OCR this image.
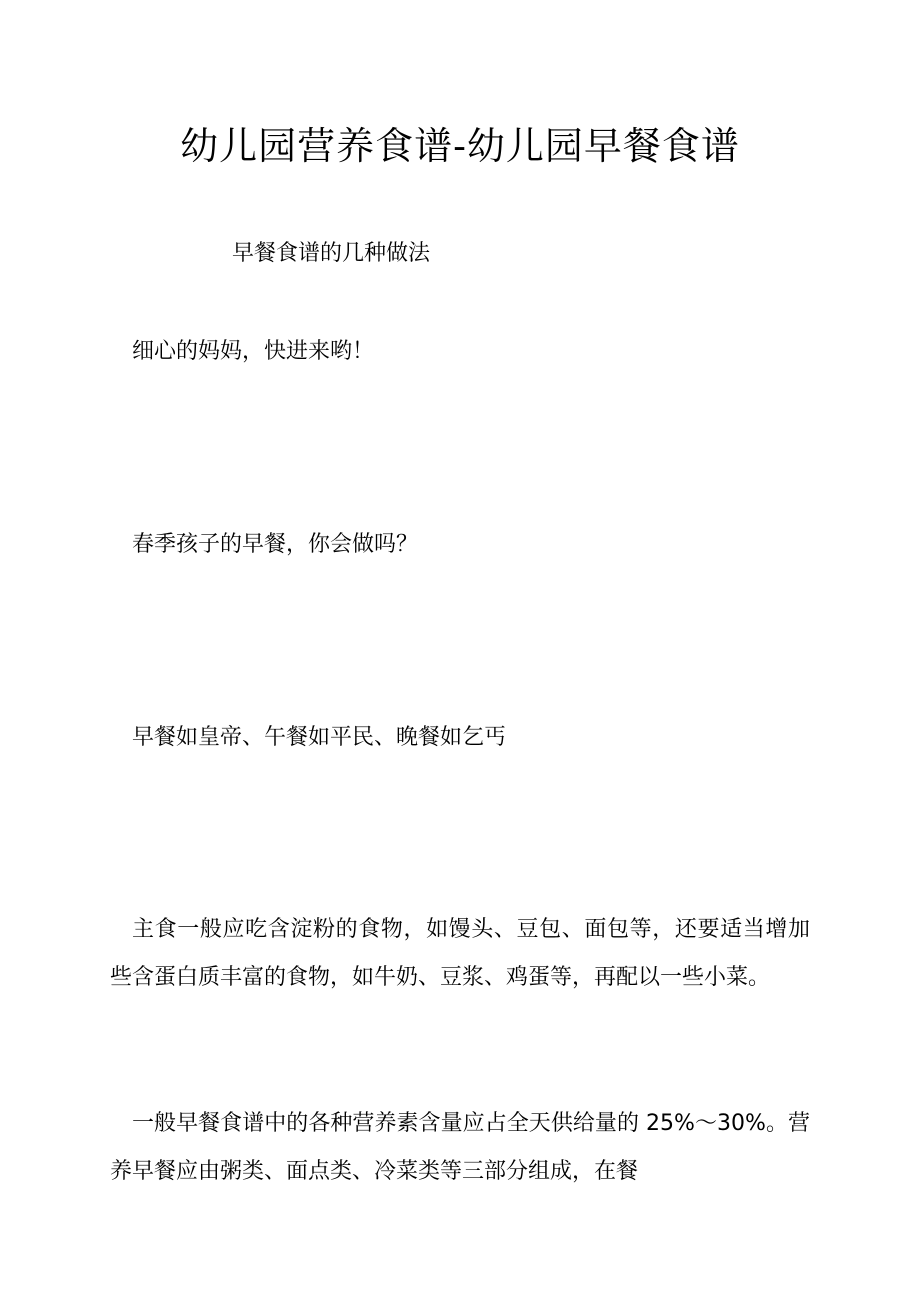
幼儿园营养食谱-幼儿园早餐食谱

早餐食谱的几种做法

细心的妈妈，快进来哟！

春季孩子的早餐，你会做吗？

早餐如皇帝、午餐如平民、晚餐如乞丐

主食一般应吃含淀粉的食物，如馒头、豆包、面包等，还要适当增加些含蛋白质丰富的食物，如牛奶、豆浆、鸡蛋等，再配以一些小菜。

一般早餐食谱中的各种营养素含量应占全天供给量的 25%～30%。营养早餐应由粥类、面点类、冷菜类等三部分组成，在餐
